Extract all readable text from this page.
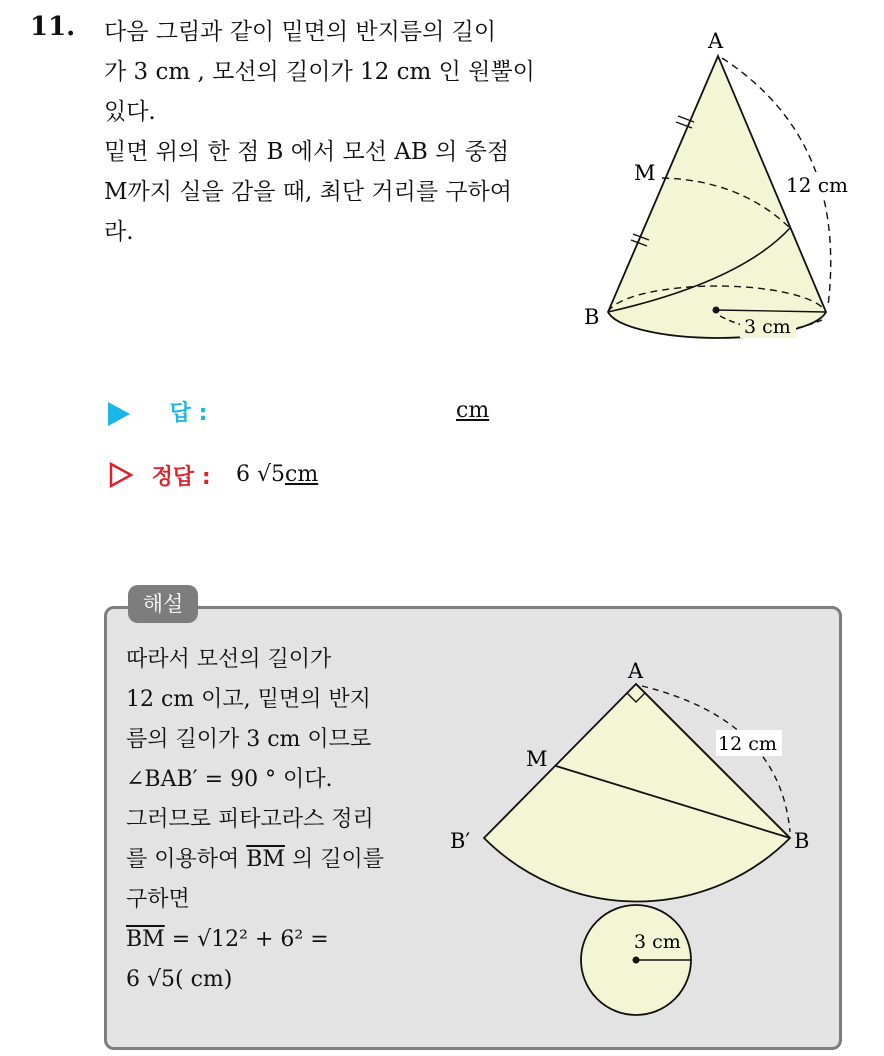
11. 다음 그림과 같이 밑면의 반지름의 길이
가 3 cm , 모선의 길이가 12 cm 인 원뿔이
있다.
밑면 위의 한 점 B 에서 모선 AB 의 중점
M까지 실을 감을 때, 최단 거리를 구하여
라.
A
M
B
12 cm
3 cm
답 :	cm
정답 : 6 √5cm
해설
따라서 모선의 길이가
12 cm 이고, 밑면의 반지
름의 길이가 3 cm 이므로
∠BAB′ = 90 ° 이다.
그러므로 피타고라스 정리
를 이용하여 $\overline{BM}$ 의 길이를
구하면
$\overline{BM} = √12^2 + 6^2$ =
6 √5( cm)
A
M
B
B′
12 cm
3 cm
